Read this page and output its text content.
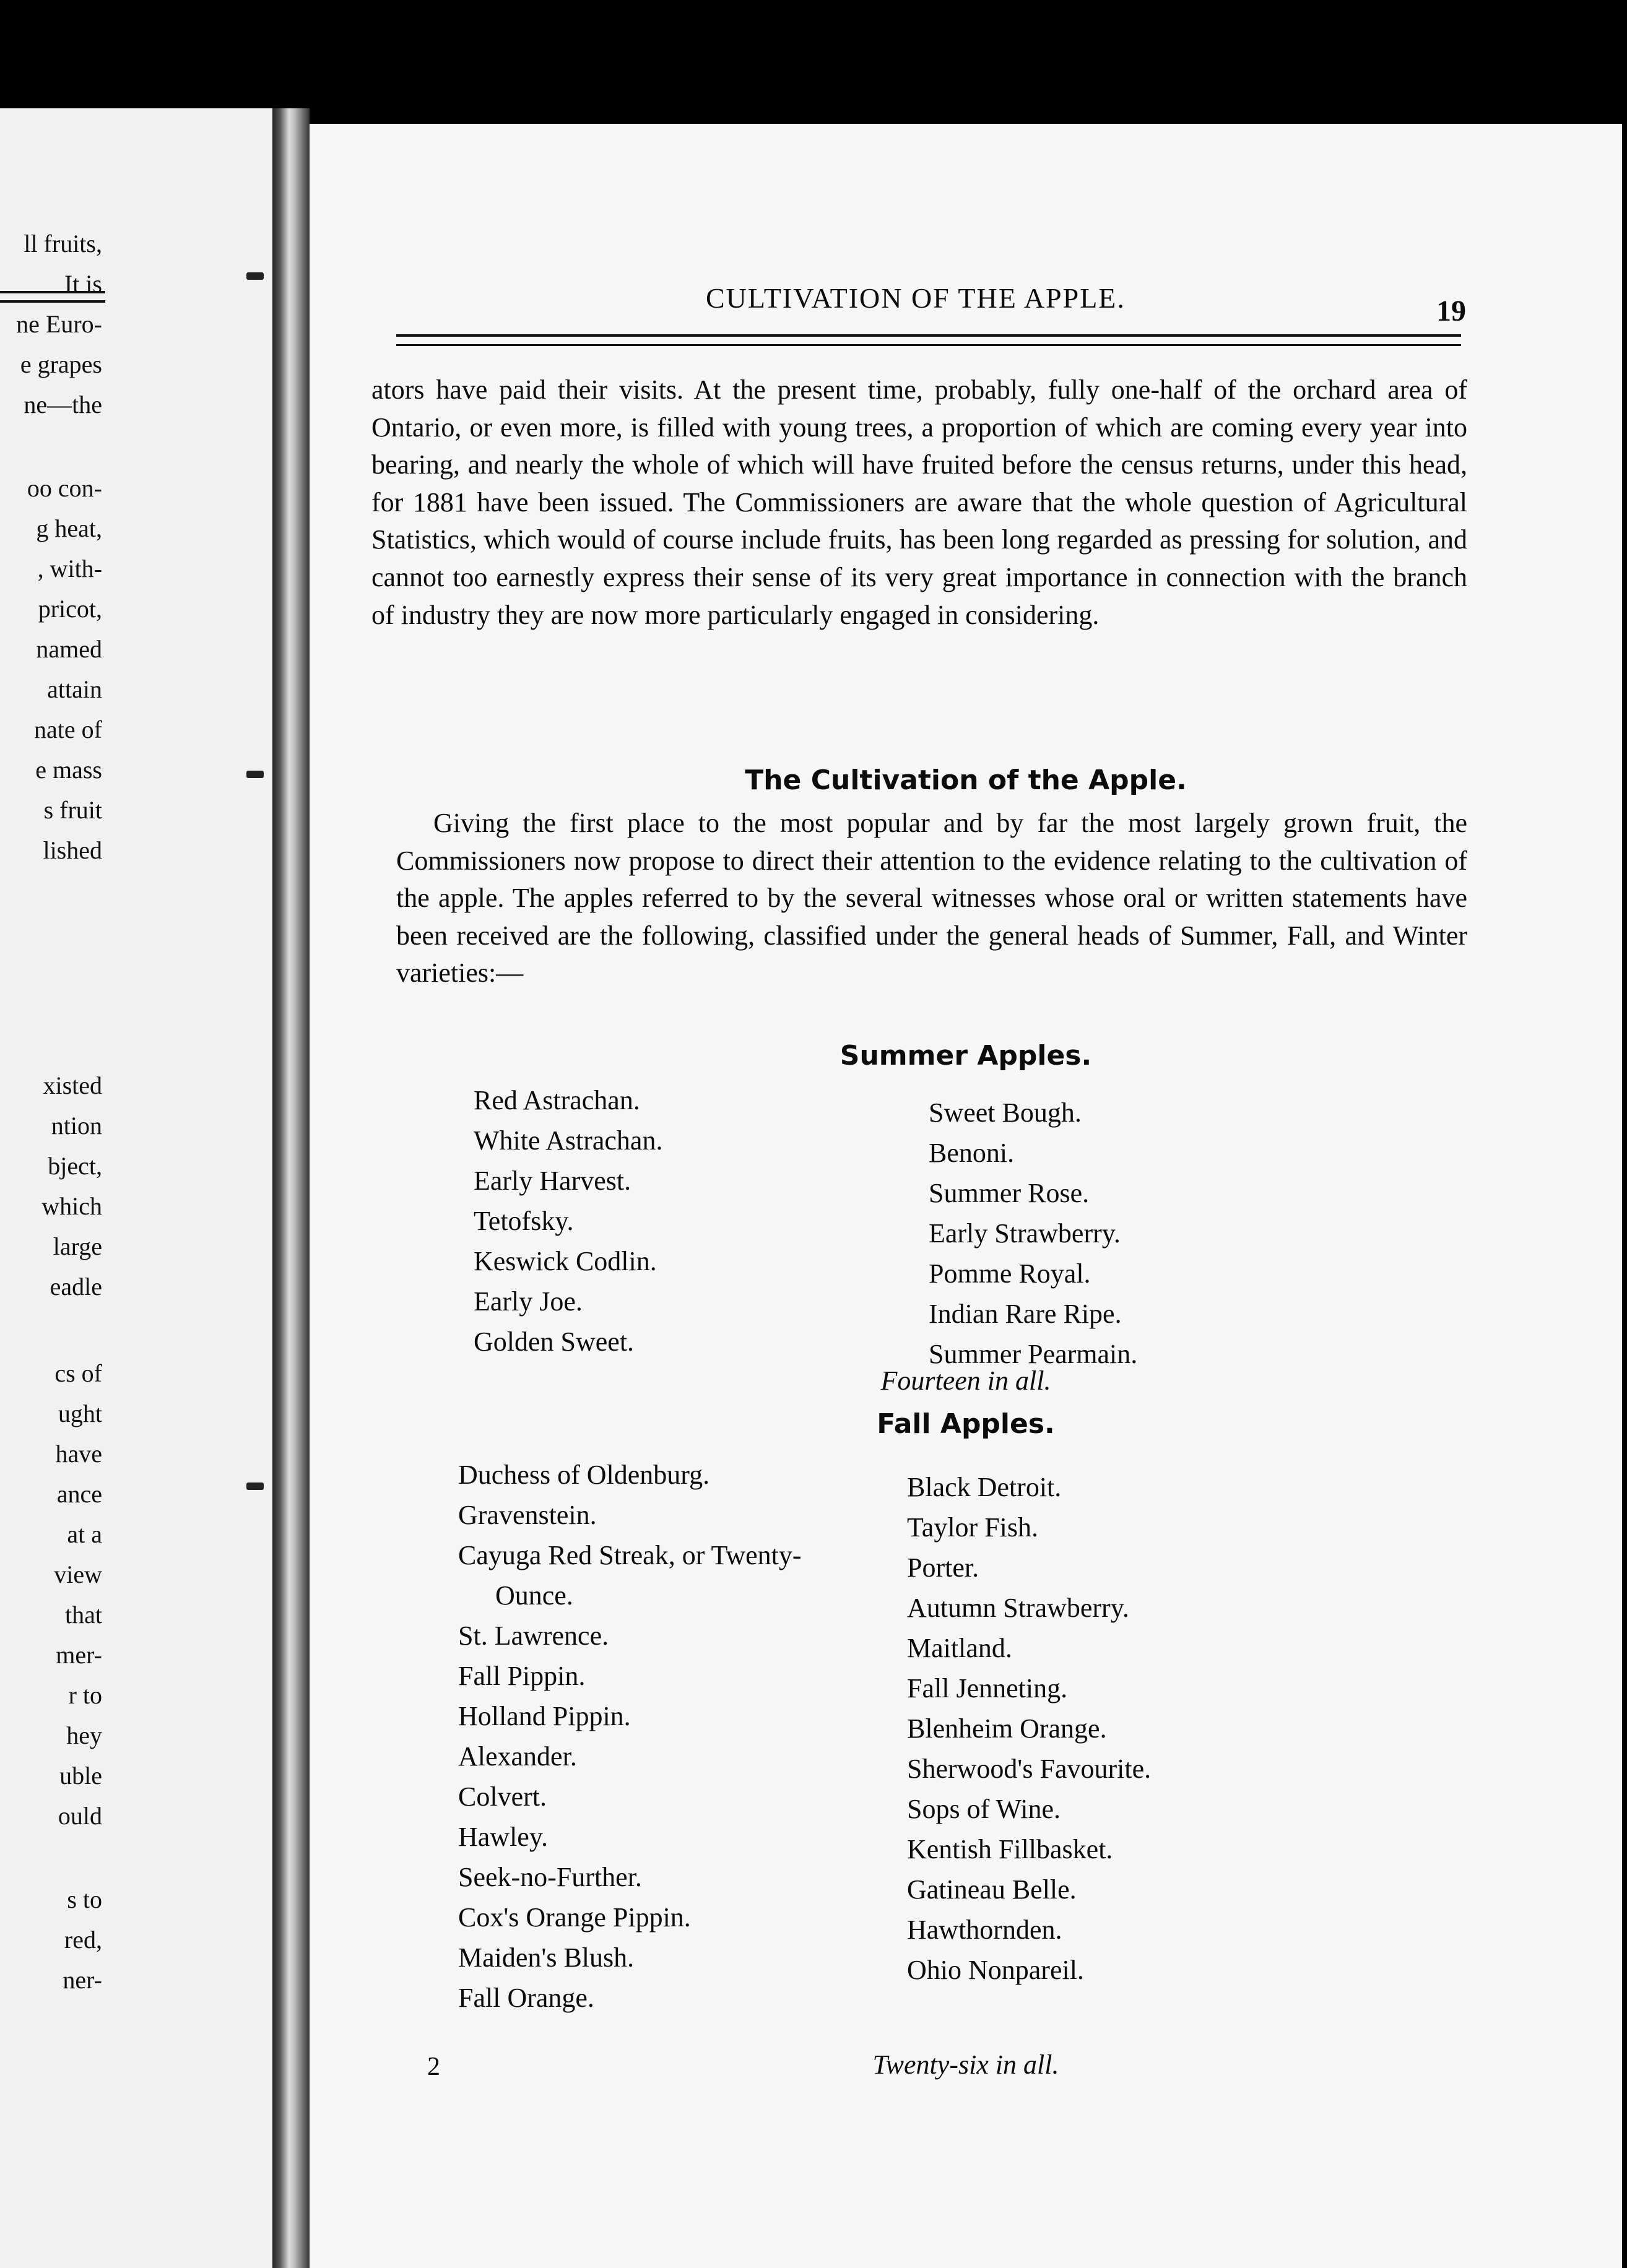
ll fruits,
It is
ne Euro-
e grapes
ne—the
oo con-
g heat,
, with-
pricot,
named
attain
nate of
e mass
s fruit
lished
xisted
ntion
bject,
which
large
eadle
cs of
ught
have
ance
at a
view
that
mer-
r to
hey
uble
ould
s to
red,
ner-
CULTIVATION OF THE APPLE.	19
ators have paid their visits. At the present time, probably, fully one-half of the orchard area of Ontario, or even more, is filled with young trees, a proportion of which are coming every year into bearing, and nearly the whole of which will have fruited before the census returns, under this head, for 1881 have been issued. The Commissioners are aware that the whole question of Agricultural Statistics, which would of course include fruits, has been long regarded as pressing for solution, and cannot too earnestly express their sense of its very great importance in connection with the branch of industry they are now more particularly engaged in considering.
The Cultivation of the Apple.
Giving the first place to the most popular and by far the most largely grown fruit, the Commissioners now propose to direct their attention to the evidence relating to the cultivation of the apple. The apples referred to by the several witnesses whose oral or written statements have been received are the following, classified under the general heads of Summer, Fall, and Winter varieties:—
Summer Apples.
Red Astrachan.
White Astrachan.
Early Harvest.
Tetofsky.
Keswick Codlin.
Early Joe.
Golden Sweet.
Sweet Bough.
Benoni.
Summer Rose.
Early Strawberry.
Pomme Royal.
Indian Rare Ripe.
Summer Pearmain.
Fourteen in all.
Fall Apples.
Duchess of Oldenburg.
Gravenstein.
Cayuga Red Streak, or Twenty-
Ounce.
St. Lawrence.
Fall Pippin.
Holland Pippin.
Alexander.
Colvert.
Hawley.
Seek-no-Further.
Cox's Orange Pippin.
Maiden's Blush.
Fall Orange.
Black Detroit.
Taylor Fish.
Porter.
Autumn Strawberry.
Maitland.
Fall Jenneting.
Blenheim Orange.
Sherwood's Favourite.
Sops of Wine.
Kentish Fillbasket.
Gatineau Belle.
Hawthornden.
Ohio Nonpareil.
Twenty-six in all.
2
